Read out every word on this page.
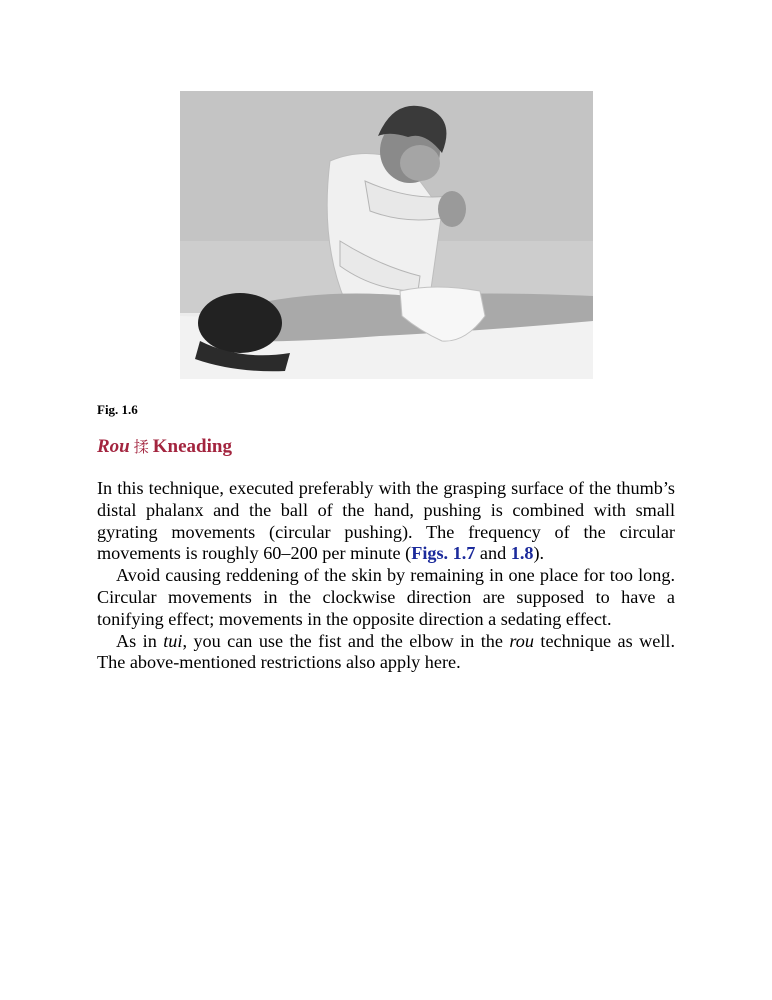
Fig. 1.6
Rou 揉 Kneading

In this technique, executed preferably with the grasping surface of the thumb’s distal phalanx and the ball of the hand, pushing is combined with small gyrating movements (circular pushing). The frequency of the circular movements is roughly 60–200 per minute (Figs. 1.7 and 1.8).

Avoid causing reddening of the skin by remaining in one place for too long. Circular movements in the clockwise direction are supposed to have a tonifying effect; movements in the opposite direction a sedating effect.

As in tui, you can use the fist and the elbow in the rou technique as well. The above-mentioned restrictions also apply here.
